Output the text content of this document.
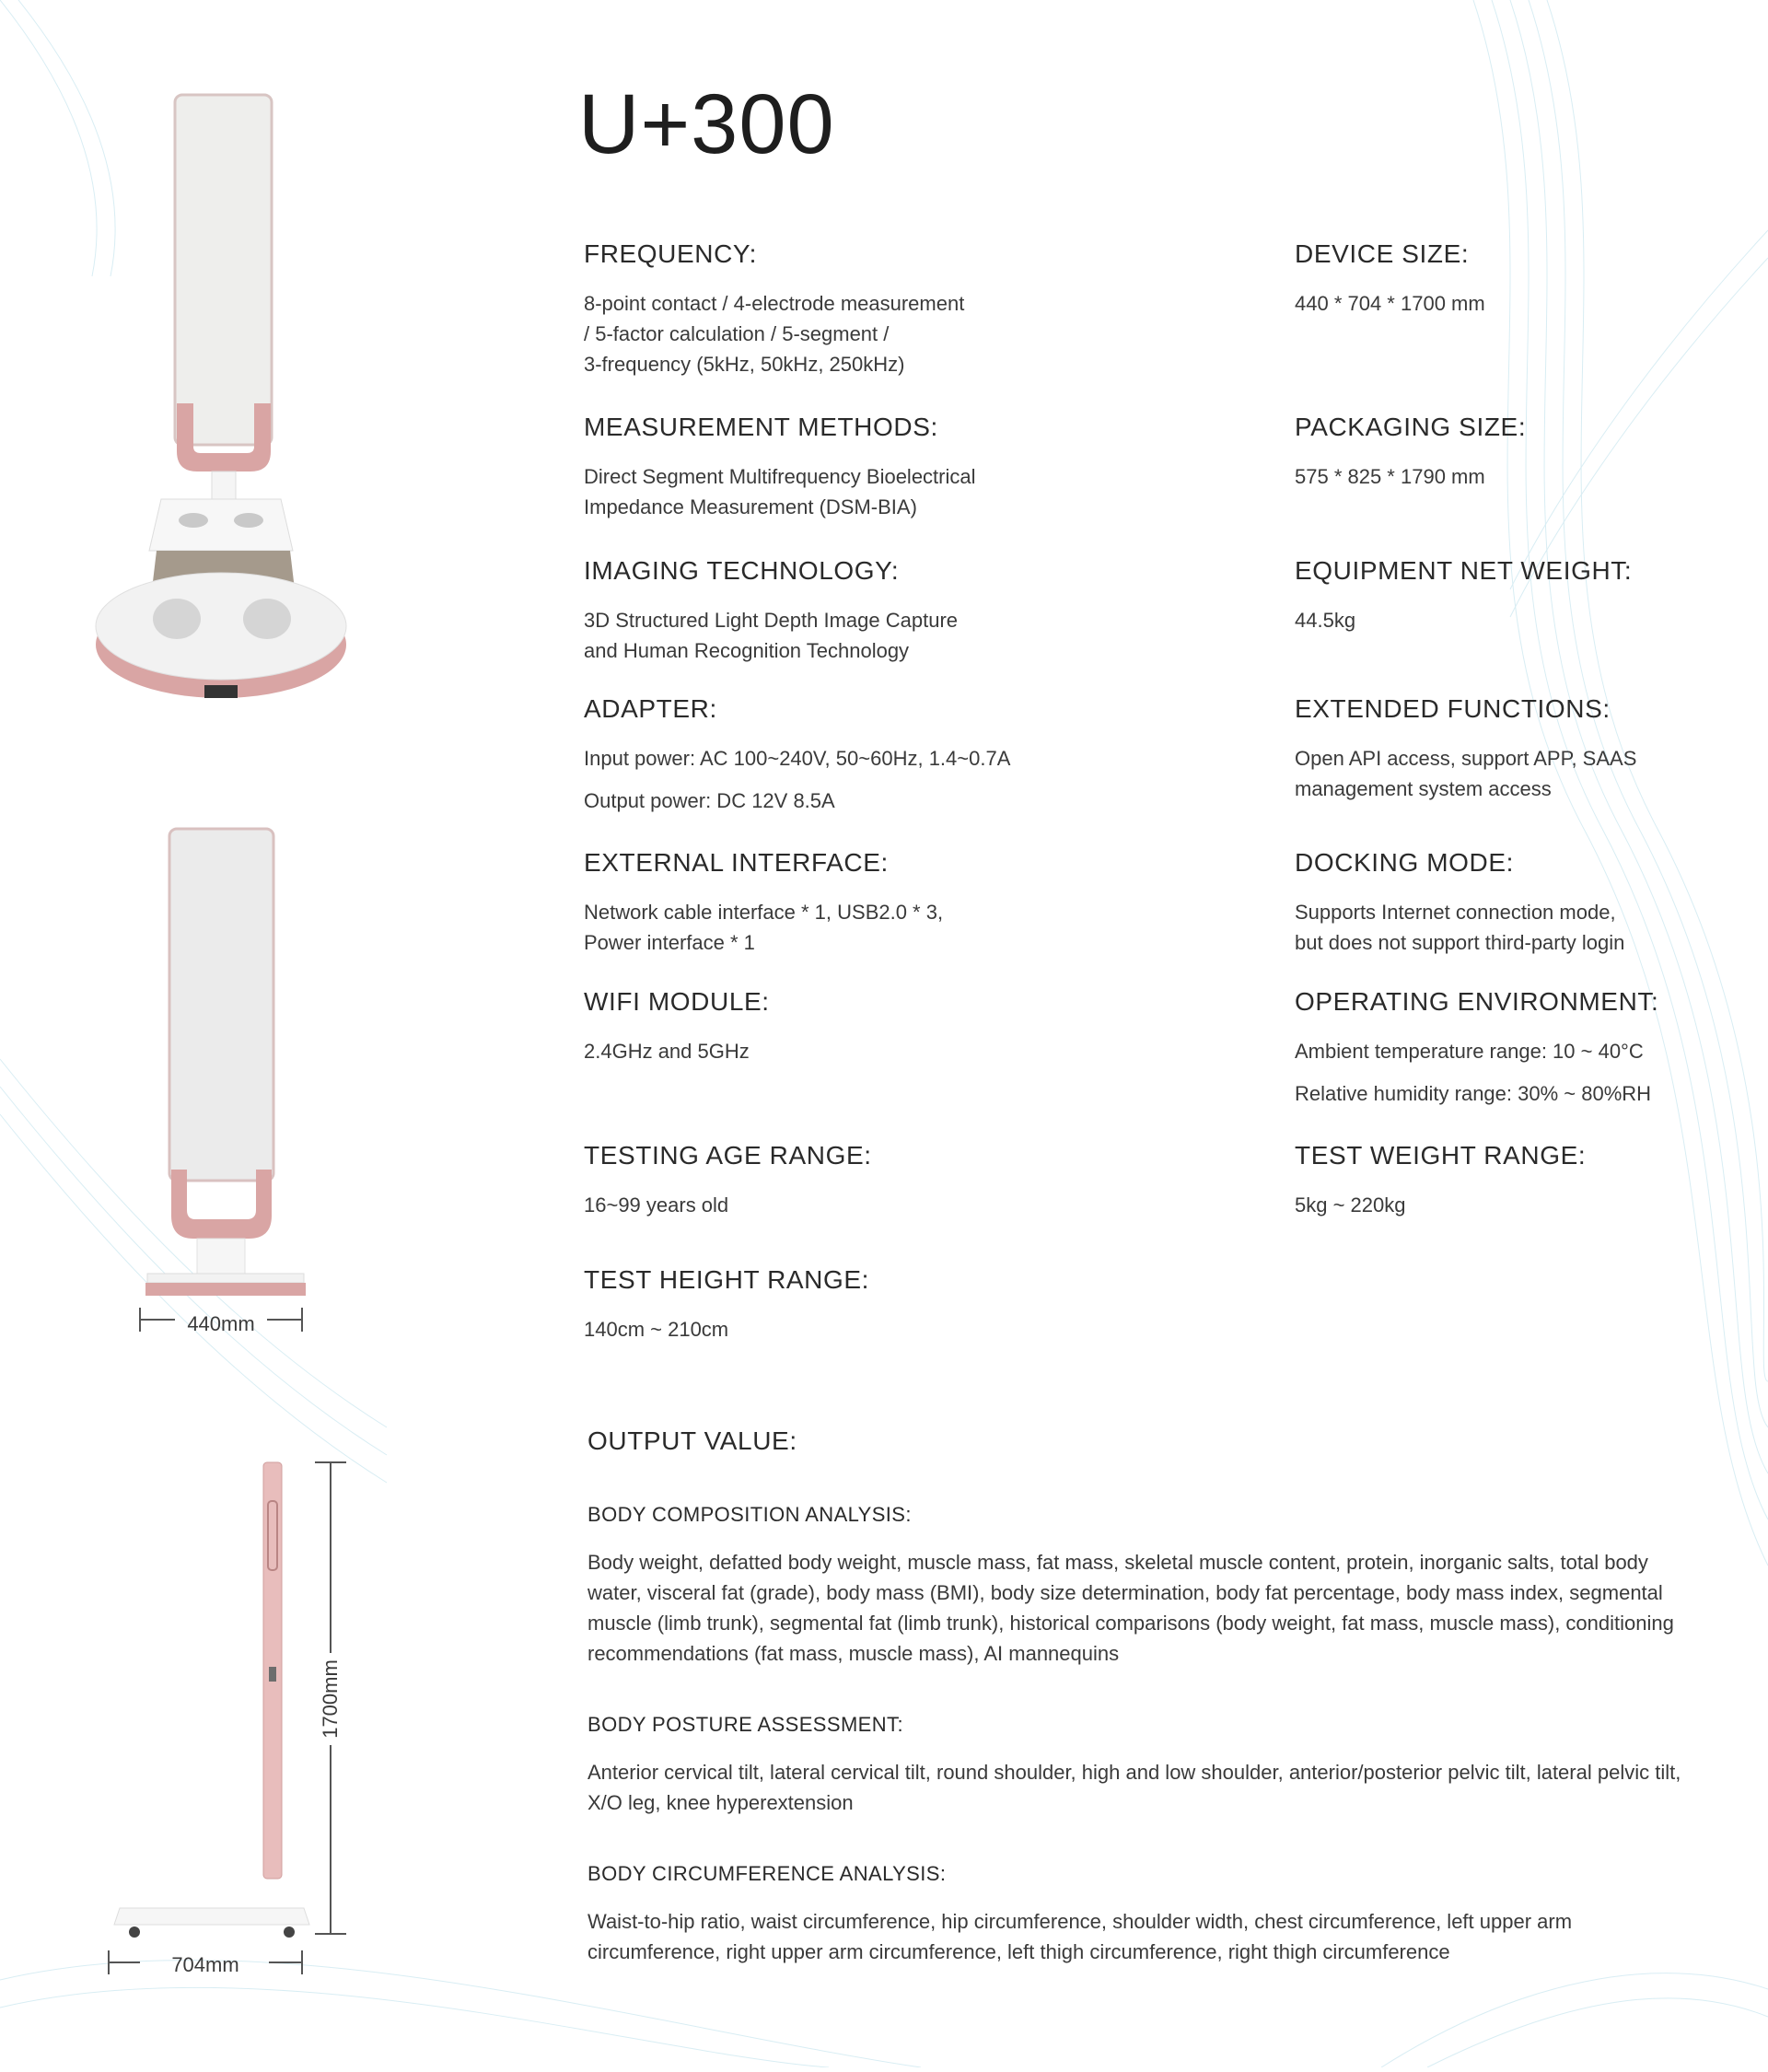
440mm
704mm
1700mm
U+300

FREQUENCY:

8-point contact / 4-electrode measurement

/ 5-factor calculation / 5-segment /

3-frequency (5kHz, 50kHz, 250kHz)

DEVICE SIZE:

440 * 704 * 1700 mm

MEASUREMENT METHODS:

Direct Segment Multifrequency Bioelectrical

Impedance Measurement (DSM-BIA)

PACKAGING SIZE:

575 * 825 * 1790 mm

IMAGING TECHNOLOGY:

3D Structured Light Depth Image Capture

and Human Recognition Technology

EQUIPMENT NET WEIGHT:

44.5kg

ADAPTER:

Input power: AC 100~240V, 50~60Hz, 1.4~0.7A

Output power: DC 12V 8.5A

EXTENDED FUNCTIONS:

Open API access, support APP, SAAS

management system access

EXTERNAL INTERFACE:

Network cable interface * 1, USB2.0 * 3,

Power interface * 1

DOCKING MODE:

Supports Internet connection mode,

but does not support third-party login

WIFI MODULE:

2.4GHz and 5GHz

OPERATING ENVIRONMENT:

Ambient temperature range: 10 ~ 40°C

Relative humidity range: 30% ~ 80%RH

TESTING AGE RANGE:

16~99 years old

TEST WEIGHT RANGE:

5kg ~ 220kg

TEST HEIGHT RANGE:

140cm ~ 210cm

OUTPUT VALUE:

BODY COMPOSITION ANALYSIS:

Body weight, defatted body weight, muscle mass, fat mass, skeletal muscle content, protein, inorganic salts, total body water, visceral fat (grade), body mass (BMI), body size determination, body fat percentage, body mass index, segmental muscle (limb trunk), segmental fat (limb trunk), historical comparisons (body weight, fat mass, muscle mass), conditioning recommendations (fat mass, muscle mass), AI mannequins

BODY POSTURE ASSESSMENT:

Anterior cervical tilt, lateral cervical tilt, round shoulder, high and low shoulder, anterior/posterior pelvic tilt, lateral pelvic tilt, X/O leg, knee hyperextension

BODY CIRCUMFERENCE ANALYSIS:

Waist-to-hip ratio, waist circumference, hip circumference, shoulder width, chest circumference, left upper arm circumference, right upper arm circumference, left thigh circumference, right thigh circumference
